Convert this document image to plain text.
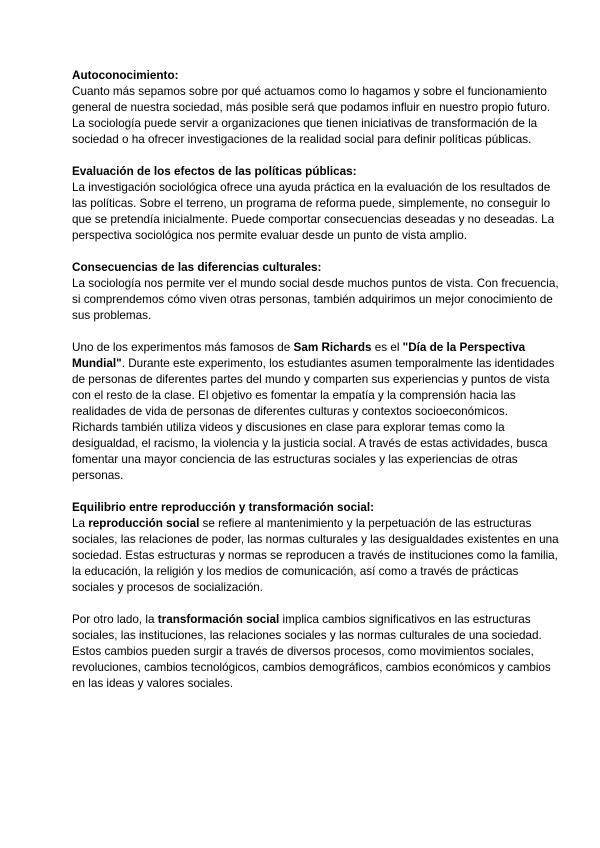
Autoconocimiento:

Cuanto más sepamos sobre por qué actuamos como lo hagamos y sobre el funcionamiento general de nuestra sociedad, más posible será que podamos influir en nuestro propio futuro.

La sociología puede servir a organizaciones que tienen iniciativas de transformación de la sociedad o ha ofrecer investigaciones de la realidad social para definir políticas públicas.

Evaluación de los efectos de las políticas públicas:

La investigación sociológica ofrece una ayuda práctica en la evaluación de los resultados de las políticas. Sobre el terreno, un programa de reforma puede, simplemente, no conseguir lo que se pretendía inicialmente. Puede comportar consecuencias deseadas y no deseadas. La perspectiva sociológica nos permite evaluar desde un punto de vista amplio.

Consecuencias de las diferencias culturales:

La sociología nos permite ver el mundo social desde muchos puntos de vista. Con frecuencia, si comprendemos cómo viven otras personas, también adquirimos un mejor conocimiento de sus problemas.

Uno de los experimentos más famosos de Sam Richards es el "Día de la Perspectiva Mundial". Durante este experimento, los estudiantes asumen temporalmente las identidades de personas de diferentes partes del mundo y comparten sus experiencias y puntos de vista con el resto de la clase. El objetivo es fomentar la empatía y la comprensión hacia las realidades de vida de personas de diferentes culturas y contextos socioeconómicos.

Richards también utiliza videos y discusiones en clase para explorar temas como la desigualdad, el racismo, la violencia y la justicia social. A través de estas actividades, busca fomentar una mayor conciencia de las estructuras sociales y las experiencias de otras personas.

Equilibrio entre reproducción y transformación social:

La reproducción social se refiere al mantenimiento y la perpetuación de las estructuras sociales, las relaciones de poder, las normas culturales y las desigualdades existentes en una sociedad. Estas estructuras y normas se reproducen a través de instituciones como la familia, la educación, la religión y los medios de comunicación, así como a través de prácticas sociales y procesos de socialización.

Por otro lado, la transformación social implica cambios significativos en las estructuras sociales, las instituciones, las relaciones sociales y las normas culturales de una sociedad. Estos cambios pueden surgir a través de diversos procesos, como movimientos sociales, revoluciones, cambios tecnológicos, cambios demográficos, cambios económicos y cambios en las ideas y valores sociales.
